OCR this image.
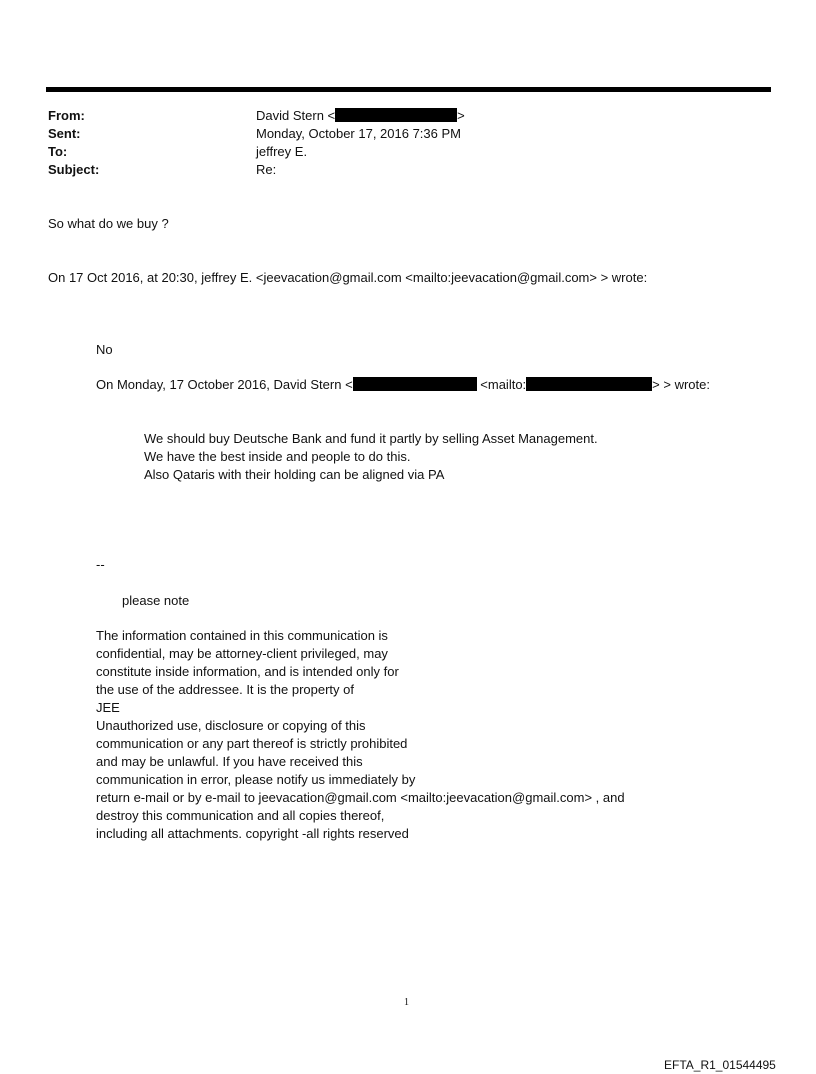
From:	David Stern <	>
Sent:	Monday, October 17, 2016 7:36 PM
To:	jeffrey E.
Subject:	Re:
So what do we buy ?
On 17 Oct 2016, at 20:30, jeffrey E. <jeevacation@gmail.com <mailto:jeevacation@gmail.com> > wrote:
No
On Monday, 17 October 2016, David Stern <	<mailto:	> > wrote:
We should buy Deutsche Bank and fund it partly by selling Asset Management.
We have the best inside and people to do this.
Also Qataris with their holding can be aligned via PA
--
please note
The information contained in this communication is
confidential, may be attorney-client privileged, may
constitute inside information, and is intended only for
the use of the addressee. It is the property of
JEE
Unauthorized use, disclosure or copying of this
communication or any part thereof is strictly prohibited
and may be unlawful. If you have received this
communication in error, please notify us immediately by
return e-mail or by e-mail to jeevacation@gmail.com <mailto:jeevacation@gmail.com> , and
destroy this communication and all copies thereof,
including all attachments. copyright -all rights reserved
1
EFTA_R1_01544495
